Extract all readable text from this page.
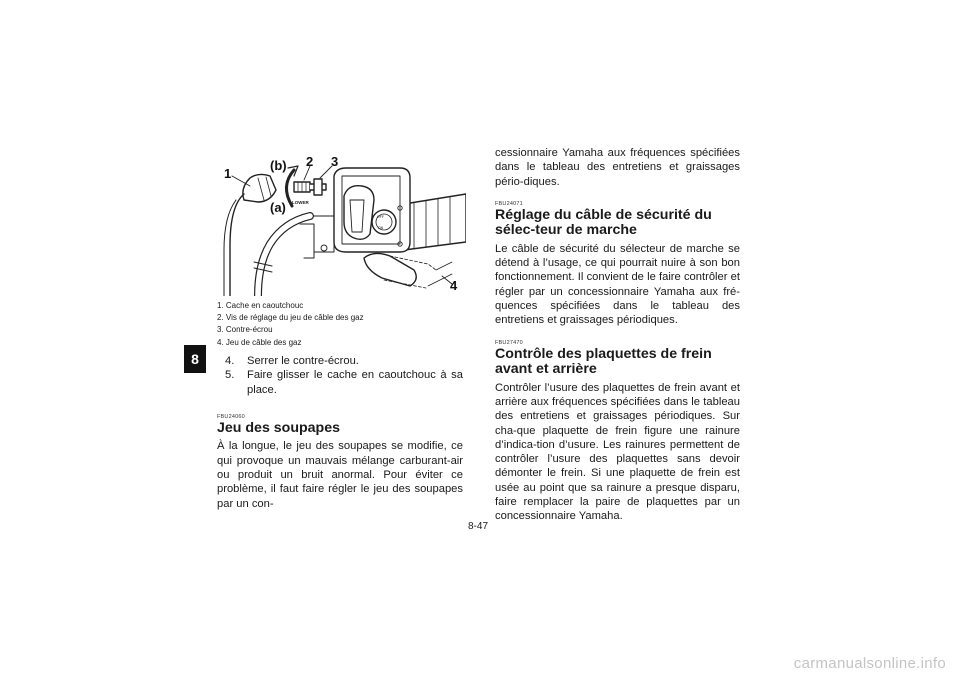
8
LOWER
OFF
ON
1
2 3
4
(a)
(b)
1. Cache en caoutchouc
2. Vis de réglage du jeu de câble des gaz
3. Contre-écrou
4. Jeu de câble des gaz
4.	Serrer le contre-écrou.
5.	Faire glisser le cache en caoutchouc à sa place.

FBU24060

Jeu des soupapes

À la longue, le jeu des soupapes se modifie, ce qui provoque un mauvais mélange carburant-air ou produit un bruit anormal. Pour éviter ce problème, il faut faire régler le jeu des soupapes par un con-

cessionnaire Yamaha aux fréquences spécifiées dans le tableau des entretiens et graissages pério-diques.

FBU24071

Réglage du câble de sécurité du sélec-teur de marche

Le câble de sécurité du sélecteur de marche se détend à l’usage, ce qui pourrait nuire à son bon fonctionnement. Il convient de le faire contrôler et régler par un concessionnaire Yamaha aux fré-quences spécifiées dans le tableau des entretiens et graissages périodiques.

FBU27470

Contrôle des plaquettes de frein avant et arrière

Contrôler l’usure des plaquettes de frein avant et arrière aux fréquences spécifiées dans le tableau des entretiens et graissages périodiques. Sur cha-que plaquette de frein figure une rainure d’indica-tion d’usure. Les rainures permettent de contrôler l’usure des plaquettes sans devoir démonter le frein. Si une plaquette de frein est usée au point que sa rainure a presque disparu, faire remplacer la paire de plaquettes par un concessionnaire Yamaha.

8-47
carmanualsonline.info
